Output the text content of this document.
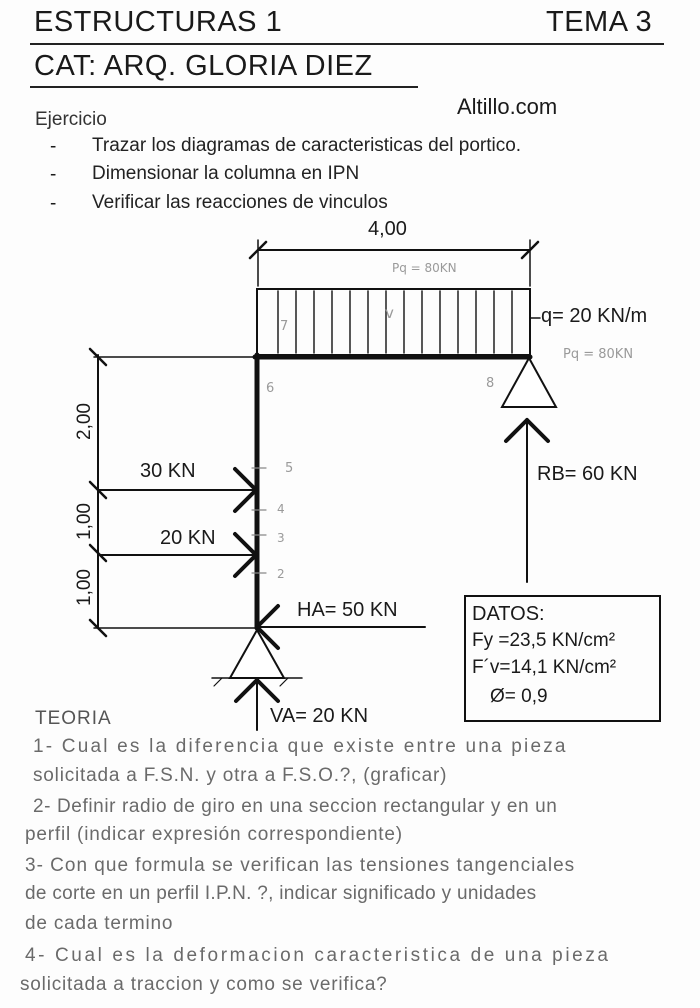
ESTRUCTURAS 1	TEMA 3
CAT: ARQ. GLORIA DIEZ
Altillo.com
Ejercicio
- Trazar los diagramas de caracteristicas del portico.
- Dimensionar la columna en IPN
- Verificar las reacciones de vinculos
Pq = 80KN
Pq = 80KN
v
2
3
4
5
6
7
8
4,00
q= 20 KN/m
30 KN
20 KN
HA= 50 KN
VA= 20 KN
RB= 60 KN
2,00
1,00
1,00
DATOS:
Fy =23,5 KN/cm²
F´v=14,1 KN/cm²
Ø= 0,9
TEORIA
1- Cual es la diferencia que existe entre una pieza
solicitada a F.S.N. y otra a F.S.O.?, (graficar)
2- Definir radio de giro en una seccion rectangular y en un
perfil (indicar expresión correspondiente)
3- Con que formula se verifican las tensiones tangenciales
de corte en un perfil I.P.N. ?, indicar significado y unidades
de cada termino
4- Cual es la deformacion caracteristica de una pieza
solicitada a traccion y como se verifica?
